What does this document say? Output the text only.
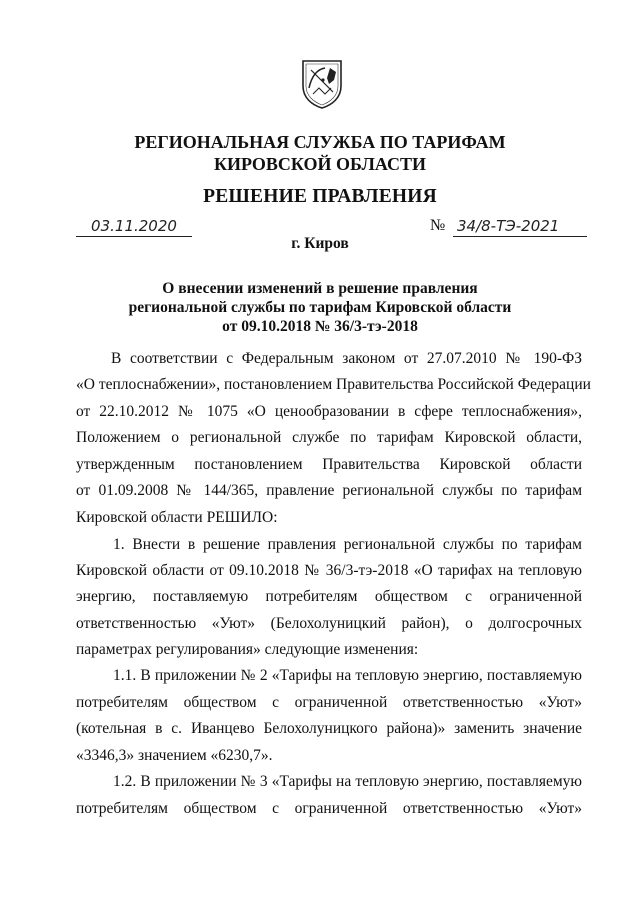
РЕГИОНАЛЬНАЯ СЛУЖБА ПО ТАРИФАМ
КИРОВСКОЙ ОБЛАСТИ
РЕШЕНИЕ ПРАВЛЕНИЯ
03.11.2020	№ 34/8-ТЭ-2021
г. Киров
О внесении изменений в решение правления
региональной службы по тарифам Кировской области
от 09.10.2018 № 36/3-тэ-2018
В соответствии с Федеральным законом от 27.07.2010 № 190-ФЗ
«О теплоснабжении», постановлением Правительства Российской Федерации
от 22.10.2012 № 1075 «О ценообразовании в сфере теплоснабжения»,
Положением о региональной службе по тарифам Кировской области,
утвержденным постановлением Правительства Кировской области
от 01.09.2008 № 144/365, правление региональной службы по тарифам
Кировской области РЕШИЛО:
1. Внести в решение правления региональной службы по тарифам
Кировской области от 09.10.2018 № 36/3-тэ-2018 «О тарифах на тепловую
энергию, поставляемую потребителям обществом с ограниченной
ответственностью «Уют» (Белохолуницкий район), о долгосрочных
параметрах регулирования» следующие изменения:
1.1. В приложении № 2 «Тарифы на тепловую энергию, поставляемую
потребителям обществом с ограниченной ответственностью «Уют»
(котельная в с. Иванцево Белохолуницкого района)» заменить значение
«3346,3» значением «6230,7».
1.2. В приложении № 3 «Тарифы на тепловую энергию, поставляемую
потребителям обществом с ограниченной ответственностью «Уют»
